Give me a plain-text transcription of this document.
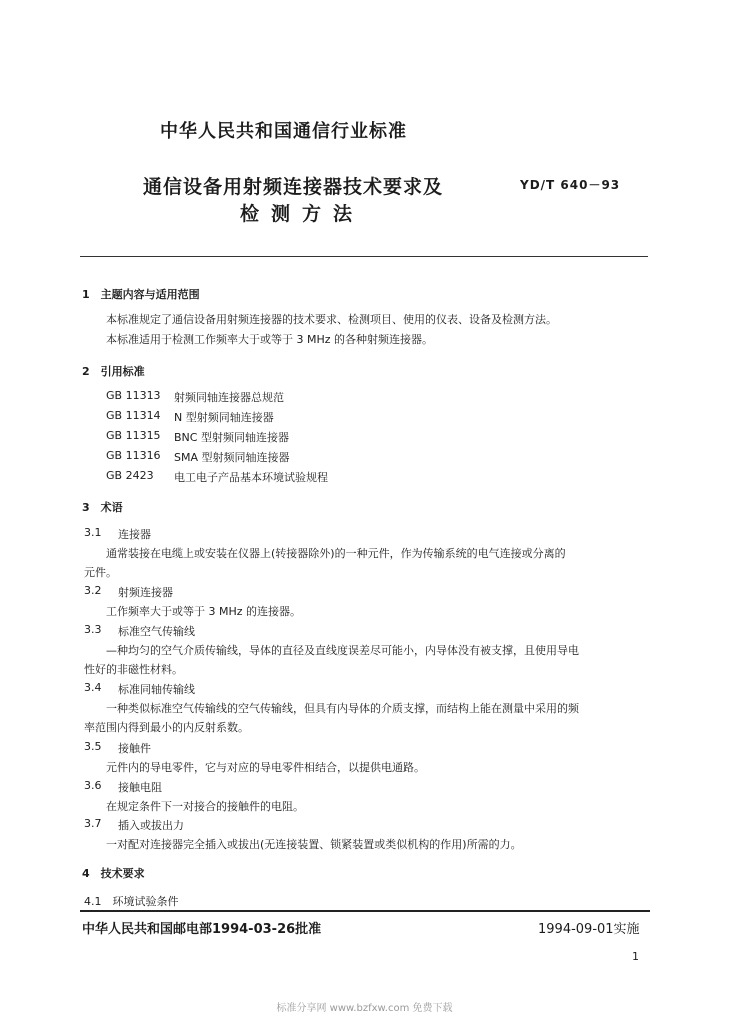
中华人民共和国通信行业标准
通信设备用射频连接器技术要求及
检测方法
YD/T 640－93
1　主题内容与适用范围
本标准规定了通信设备用射频连接器的技术要求、检测项目、使用的仪表、设备及检测方法。
本标准适用于检测工作频率大于或等于 3 MHz 的各种射频连接器。
2　引用标准
GB 11313 射频同轴连接器总规范
GB 11314 N 型射频同轴连接器
GB 11315 BNC 型射频同轴连接器
GB 11316 SMA 型射频同轴连接器
GB 2423 电工电子产品基本环境试验规程
3　术语
3.1 连接器
通常装接在电缆上或安装在仪器上(转接器除外)的一种元件，作为传输系统的电气连接或分离的
元件。
3.2 射频连接器
工作频率大于或等于 3 MHz 的连接器。
3.3 标准空气传输线
—种均匀的空气介质传输线，导体的直径及直线度误差尽可能小，内导体没有被支撑，且使用导电
性好的非磁性材料。
3.4 标准同轴传输线
一种类似标准空气传输线的空气传输线，但具有内导体的介质支撑，而结构上能在测量中采用的频
率范围内得到最小的内反射系数。
3.5 接触件
元件内的导电零件，它与对应的导电零件相结合，以提供电通路。
3.6 接触电阻
在规定条件下一对接合的接触件的电阻。
3.7 插入或拔出力
一对配对连接器完全插入或拔出(无连接装置、锁紧装置或类似机构的作用)所需的力。
4　技术要求
4.1　环境试验条件
中华人民共和国邮电部1994-03-26批准	1994-09-01实施
1
标准分享网 www.bzfxw.com 免费下载
